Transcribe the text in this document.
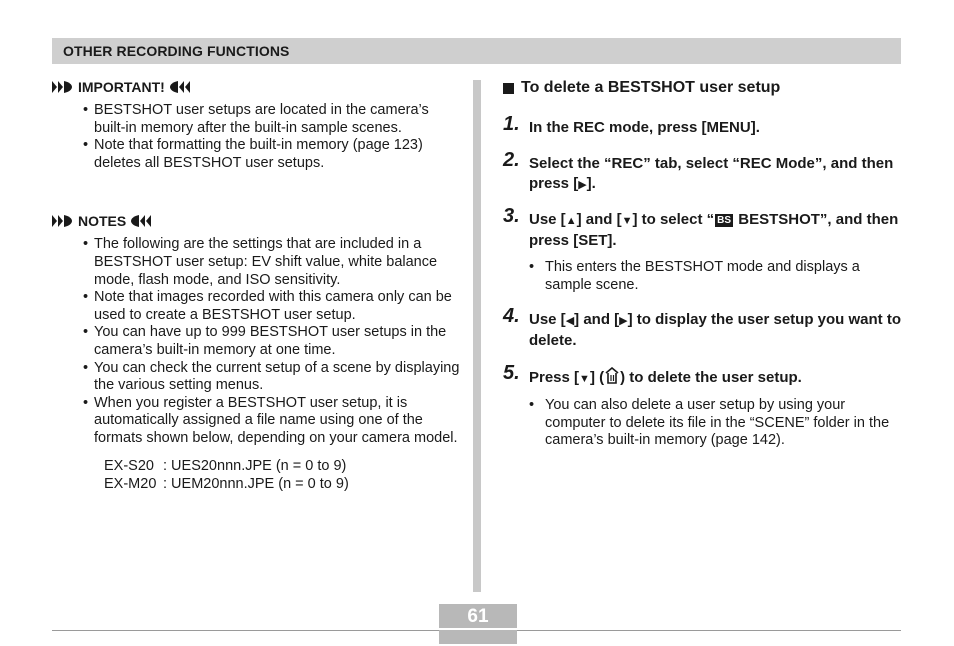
OTHER RECORDING FUNCTIONS
IMPORTANT!
• BESTSHOT user setups are located in the camera’s built-in memory after the built-in sample scenes.
• Note that formatting the built-in memory (page 123) deletes all BESTSHOT user setups.
NOTES
• The following are the settings that are included in a BESTSHOT user setup: EV shift value, white balance mode, flash mode, and ISO sensitivity.
• Note that images recorded with this camera only can be used to create a BESTSHOT user setup.
• You can have up to 999 BESTSHOT user setups in the camera’s built-in memory at one time.
• You can check the current setup of a scene by displaying the various setting menus.
• When you register a BESTSHOT user setup, it is automatically assigned a file name using one of the formats shown below, depending on your camera model.
EX-S20 : UES20nnn.JPE (n = 0 to 9)
EX-M20 : UEM20nnn.JPE (n = 0 to 9)
To delete a BESTSHOT user setup
1. In the REC mode, press [MENU].
2. Select the “REC” tab, select “REC Mode”, and then press [▶].
3. Use [▲] and [▼] to select “ BS BESTSHOT”, and then press [SET].
• This enters the BESTSHOT mode and displays a sample scene.
4. Use [◀] and [▶] to display the user setup you want to delete.
5. Press [▼] ( ) to delete the user setup.
• You can also delete a user setup by using your computer to delete its file in the “SCENE” folder in the camera’s built-in memory (page 142).
61
